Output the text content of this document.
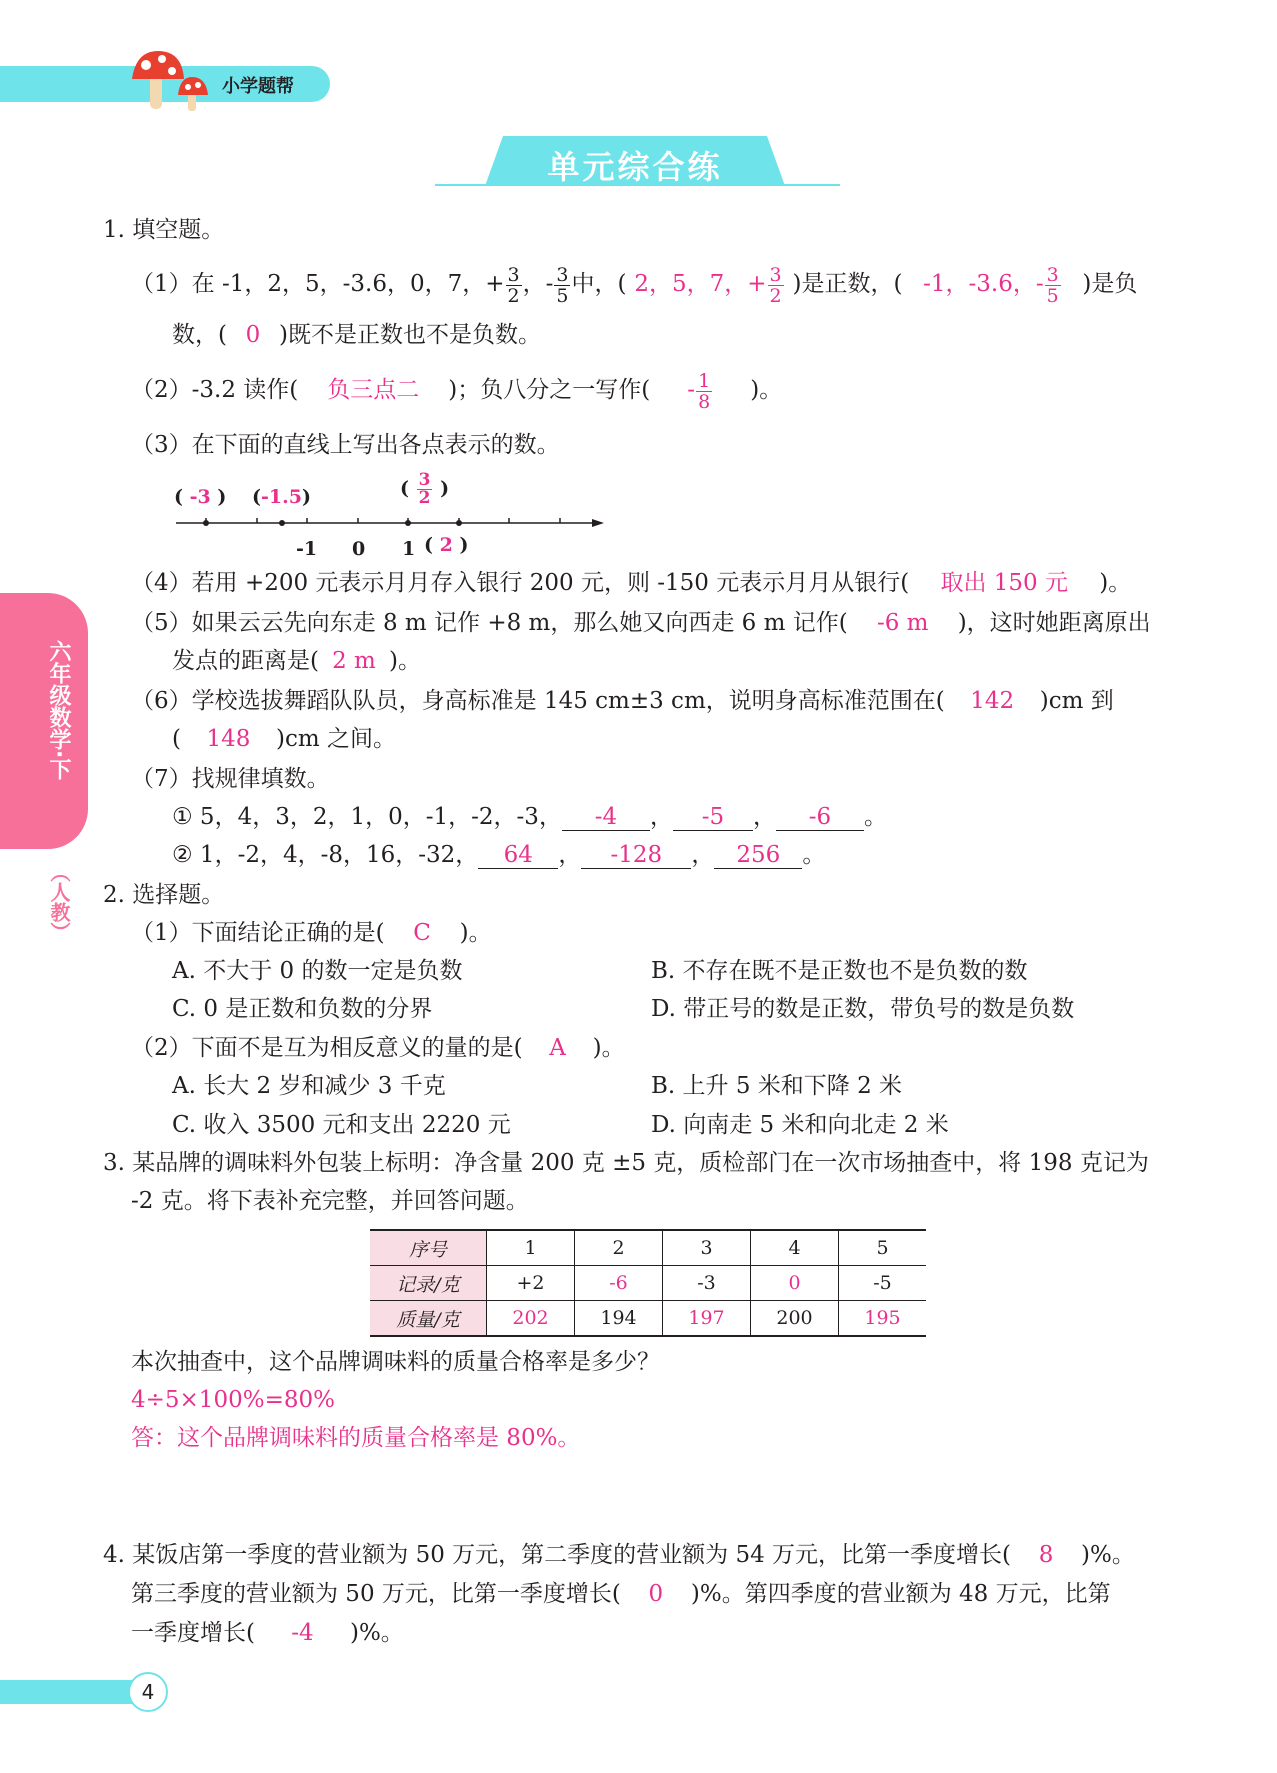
小学题帮
单元综合练
六年级数学·下
（人教）
1. 填空题。
（1）在 -1，2，5，-3.6，0，7，+ $\frac{3}{2}$ ，- $\frac{3}{5}$ 中，( 2，5，7，+ $\frac{3}{2}$ )是正数，( -1，-3.6，- $\frac{3}{5}$ )是负
数，( 0 )既不是正数也不是负数。
（2）-3.2 读作( 负三点二 )；负八分之一写作( - $\frac{1}{8}$ )。
（3）在下面的直线上写出各点表示的数。
( -3 ) (-1.5)	( $\frac{3}{2}$ )
-1 0 1 ( 2 )
（4）若用 +200 元表示月月存入银行 200 元，则 -150 元表示月月从银行( 取出 150 元 )。
（5）如果云云先向东走 8 m 记作 +8 m，那么她又向西走 6 m 记作( -6 m )，这时她距离原出
发点的距离是( 2 m )。
（6）学校选拔舞蹈队队员，身高标准是 145 cm±3 cm，说明身高标准范围在( 142 )cm 到
( 148 )cm 之间。
（7）找规律填数。
① 5，4，3，2，1，0，-1，-2，-3， -4 ， -5 ， -6 。
② 1，-2，4，-8，16，-32， 64 ， -128 ， 256 。
2. 选择题。
（1）下面结论正确的是( C )。
A. 不大于 0 的数一定是负数	B. 不存在既不是正数也不是负数的数
C. 0 是正数和负数的分界	D. 带正号的数是正数，带负号的数是负数
（2）下面不是互为相反意义的量的是( A )。
A. 长大 2 岁和减少 3 千克	B. 上升 5 米和下降 2 米
C. 收入 3500 元和支出 2220 元	D. 向南走 5 米和向北走 2 米
3. 某品牌的调味料外包装上标明：净含量 200 克 ±5 克，质检部门在一次市场抽查中，将 198 克记为
-2 克。将下表补充完整，并回答问题。
序号	1	2	3	4	5
记录/克	+2	-6	-3	0	-5
质量/克	202	194	197	200	195
本次抽查中，这个品牌调味料的质量合格率是多少？
4÷5×100%=80%
答：这个品牌调味料的质量合格率是 80%。
4. 某饭店第一季度的营业额为 50 万元，第二季度的营业额为 54 万元，比第一季度增长( 8 )%。
第三季度的营业额为 50 万元，比第一季度增长( 0 )%。第四季度的营业额为 48 万元，比第
一季度增长( -4 )%。
4
